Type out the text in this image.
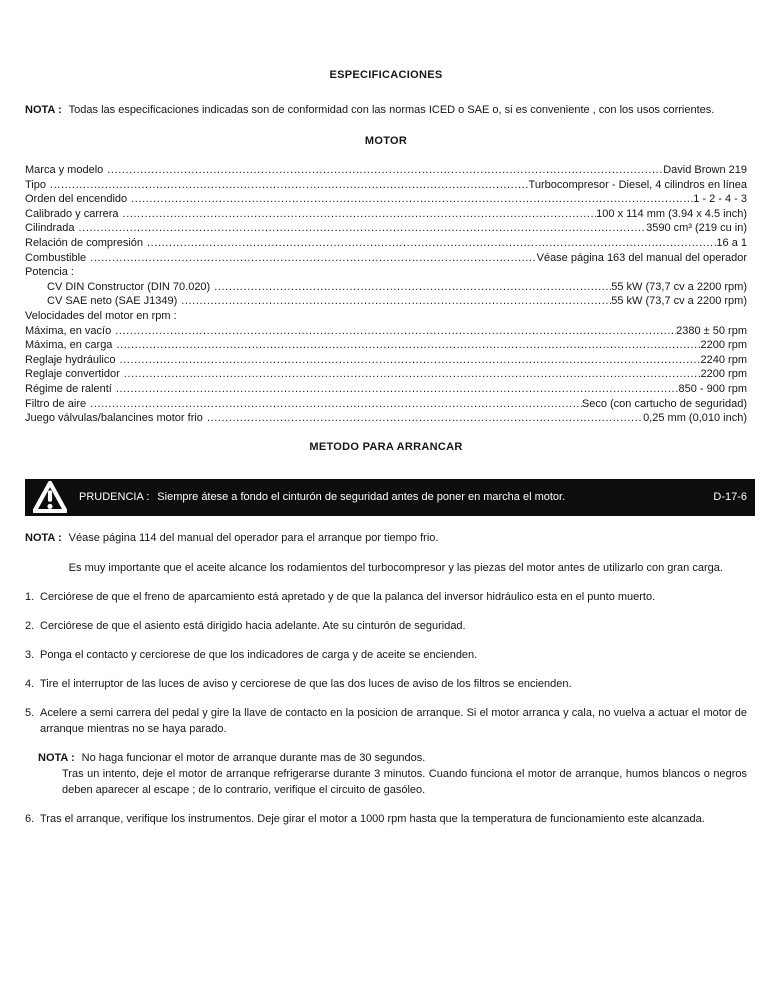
ESPECIFICACIONES
NOTA : Todas las especificaciones indicadas son de conformidad con las normas ICED o SAE o, si es conveniente , con los usos corrientes.
MOTOR
Marca y modelo .....	David Brown 219
Tipo .....	Turbocompresor - Diesel, 4 cilindros en línea
Orden del encendido .....	1 - 2 - 4 - 3
Calibrado y carrera .....	100 x 114 mm (3.94 x 4.5 inch)
Cilindrada .....	3590 cm³ (219 cu in)
Relación de compresión .....	16 a 1
Combustible .....	Véase página 163 del manual del operador
Potencia :
CV DIN Constructor (DIN 70.020) .....	55 kW (73,7 cv a 2200 rpm)
CV SAE neto (SAE J1349) .....	55 kW (73,7 cv a 2200 rpm)
Velocidades del motor en rpm :
Máxima, en vacío .....	2380 ± 50 rpm
Máxima, en carga .....	2200 rpm
Reglaje hydráulico .....	2240 rpm
Reglaje convertidor .....	2200 rpm
Régime de ralentí .....	850 - 900 rpm
Filtro de aire .....	Seco (con cartucho de seguridad)
Juego válvulas/balancines motor frio .....	0,25 mm (0,010 inch)
METODO PARA ARRANCAR
PRUDENCIA : Siempre átese a fondo el cinturón de seguridad antes de poner en marcha el motor.	D-17-6
NOTA : Véase página 114 del manual del operador para el arranque por tiempo frio.

Es muy importante que el aceite alcance los rodamientos del turbocompresor y las piezas del motor antes de utilizarlo con gran carga.

1. Cerciórese de que el freno de aparcamiento está apretado y de que la palanca del inversor hidráulico esta en el punto muerto.
2. Cerciórese de que el asiento está dirigido hacia adelante. Ate su cinturón de seguridad.
3. Ponga el contacto y cerciorese de que los indicadores de carga y de aceite se encienden.
4. Tire el interruptor de las luces de aviso y cerciorese de que las dos luces de aviso de los filtros se encienden.
5. Acelere a semi carrera del pedal y gire la llave de contacto en la posicion de arranque. Si el motor arranca y cala, no vuelva a actuar el motor de arranque mientras no se haya parado.
NOTA : No haga funcionar el motor de arranque durante mas de 30 segundos.
Tras un intento, deje el motor de arranque refrigerarse durante 3 minutos. Cuando funciona el motor de arranque, humos blancos o negros deben aparecer al escape ; de lo contrario, verifique el circuito de gasóleo.
6. Tras el arranque, verifique los instrumentos. Deje girar el motor a 1000 rpm hasta que la temperatura de funcionamiento este alcanzada.
